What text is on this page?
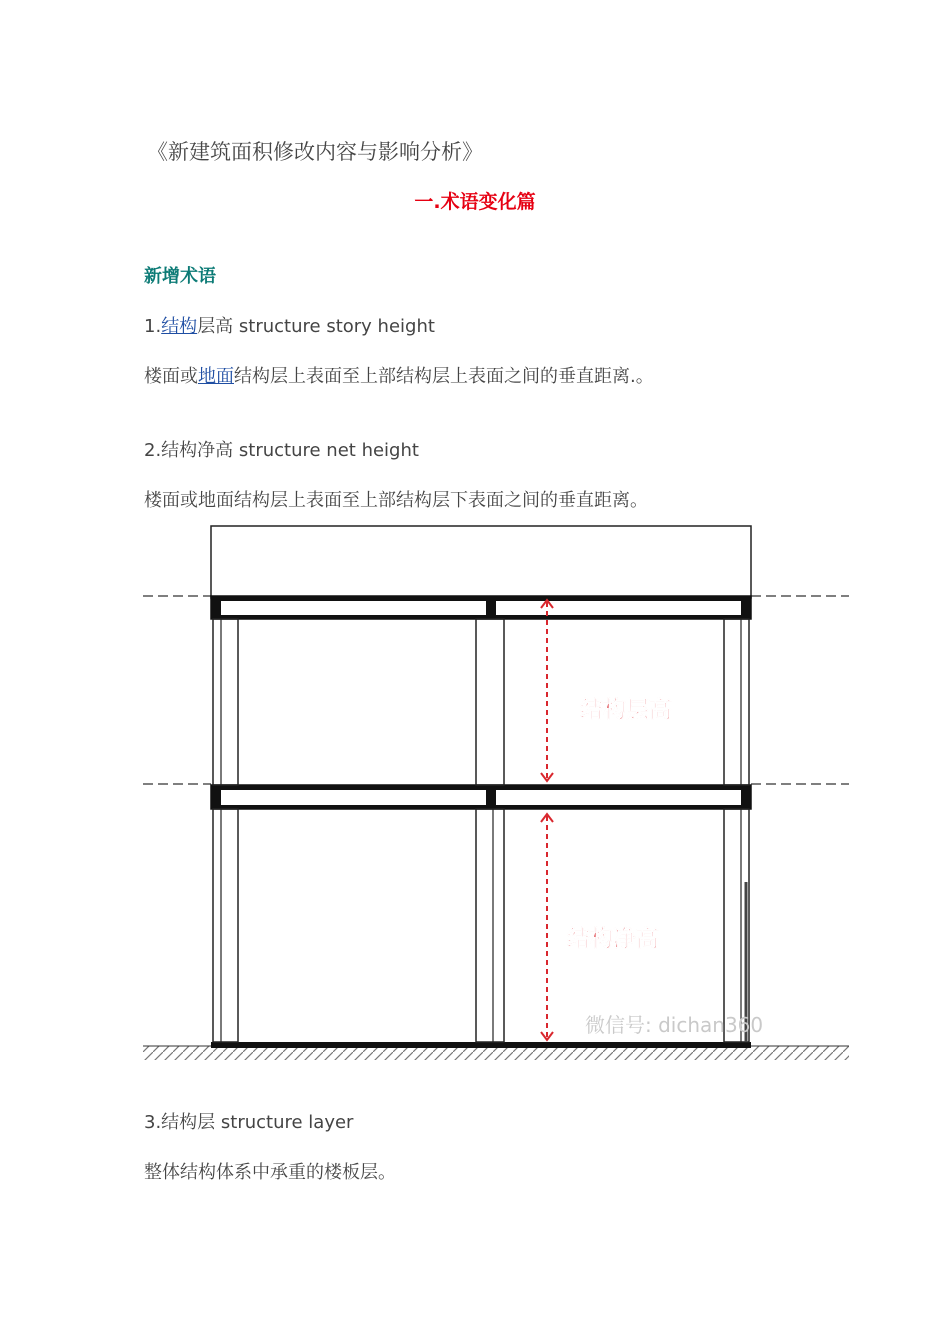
《新建筑面积修改内容与影响分析》
一.术语变化篇
新增术语
1.结构层高 structure story height
楼面或地面结构层上表面至上部结构层上表面之间的垂直距离.。
2.结构净高 structure net height
楼面或地面结构层上表面至上部结构层下表面之间的垂直距离。
结构层高
结构净高
微信号: dichan360
3.结构层 structure layer
整体结构体系中承重的楼板层。
